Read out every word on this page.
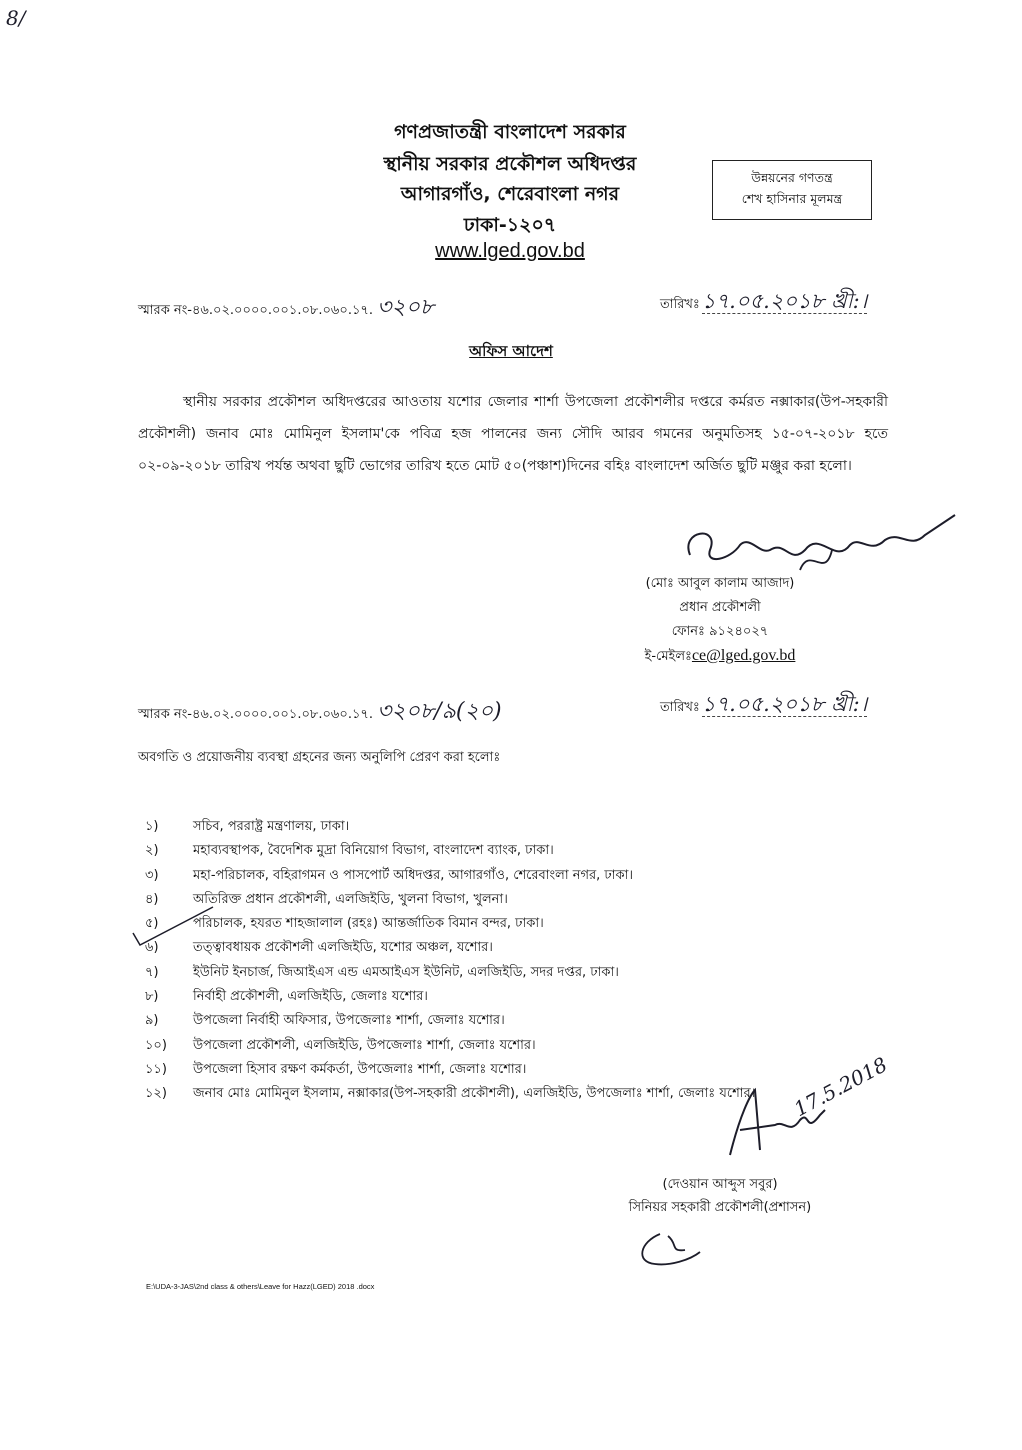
8/
গণপ্রজাতন্ত্রী বাংলাদেশ সরকার
স্থানীয় সরকার প্রকৌশল অধিদপ্তর
আগারগাঁও, শেরেবাংলা নগর
ঢাকা-১২০৭
www.lged.gov.bd
উন্নয়নের গণতন্ত্র
শেখ হাসিনার মূলমন্ত্র
স্মারক নং-৪৬.০২.০০০০.০০১.০৮.০৬০.১৭. ৩২০৮	তারিখঃ১৭.০৫.২০১৮ খ্রী:।
অফিস আদেশ
স্থানীয় সরকার প্রকৌশল অধিদপ্তরের আওতায় যশোর জেলার শার্শা উপজেলা প্রকৌশলীর দপ্তরে কর্মরত নক্সাকার(উপ-সহকারী প্রকৌশলী) জনাব মোঃ মোমিনুল ইসলাম'কে পবিত্র হজ পালনের জন্য সৌদি আরব গমনের অনুমতিসহ ১৫-০৭-২০১৮ হতে ০২-০৯-২০১৮ তারিখ পর্যন্ত অথবা ছুটি ভোগের তারিখ হতে মোট ৫০(পঞ্চাশ)দিনের বহিঃ বাংলাদেশ অর্জিত ছুটি মঞ্জুর করা হলো।
(মোঃ আবুল কালাম আজাদ)
প্রধান প্রকৌশলী
ফোনঃ ৯১২৪০২৭
ই-মেইলঃce@lged.gov.bd
স্মারক নং-৪৬.০২.০০০০.০০১.০৮.০৬০.১৭. ৩২০৮/৯(২০)	তারিখঃ১৭.০৫.২০১৮ খ্রী:।
অবগতি ও প্রয়োজনীয় ব্যবস্থা গ্রহনের জন্য অনুলিপি প্রেরণ করা হলোঃ
১)	সচিব, পররাষ্ট্র মন্ত্রণালয়, ঢাকা।
২)	মহাব্যবস্থাপক, বৈদেশিক মুদ্রা বিনিয়োগ বিভাগ, বাংলাদেশ ব্যাংক, ঢাকা।
৩)	মহা-পরিচালক, বহিরাগমন ও পাসপোর্ট অধিদপ্তর, আগারগাঁও, শেরেবাংলা নগর, ঢাকা।
৪)	অতিরিক্ত প্রধান প্রকৌশলী, এলজিইডি, খুলনা বিভাগ, খুলনা।
৫)	পরিচালক, হযরত শাহজালাল (রহঃ) আন্তর্জাতিক বিমান বন্দর, ঢাকা।
৬)	তত্ত্বাবধায়ক প্রকৌশলী এলজিইডি, যশোর অঞ্চল, যশোর।
৭)	ইউনিট ইনচার্জ, জিআইএস এন্ড এমআইএস ইউনিট, এলজিইডি, সদর দপ্তর, ঢাকা।
৮)	নির্বাহী প্রকৌশলী, এলজিইডি, জেলাঃ যশোর।
৯)	উপজেলা নির্বাহী অফিসার, উপজেলাঃ শার্শা, জেলাঃ যশোর।
১০)	উপজেলা প্রকৌশলী, এলজিইডি, উপজেলাঃ শার্শা, জেলাঃ যশোর।
১১)	উপজেলা হিসাব রক্ষণ কর্মকর্তা, উপজেলাঃ শার্শা, জেলাঃ যশোর।
১২)	জনাব মোঃ মোমিনুল ইসলাম, নক্সাকার(উপ-সহকারী প্রকৌশলী), এলজিইডি, উপজেলাঃ শার্শা, জেলাঃ যশোর। 17.5.2018
(দেওয়ান আব্দুস সবুর)
সিনিয়র সহকারী প্রকৌশলী(প্রশাসন)
E:\UDA-3-JAS\2nd class & others\Leave for Hazz(LGED) 2018 .docx
